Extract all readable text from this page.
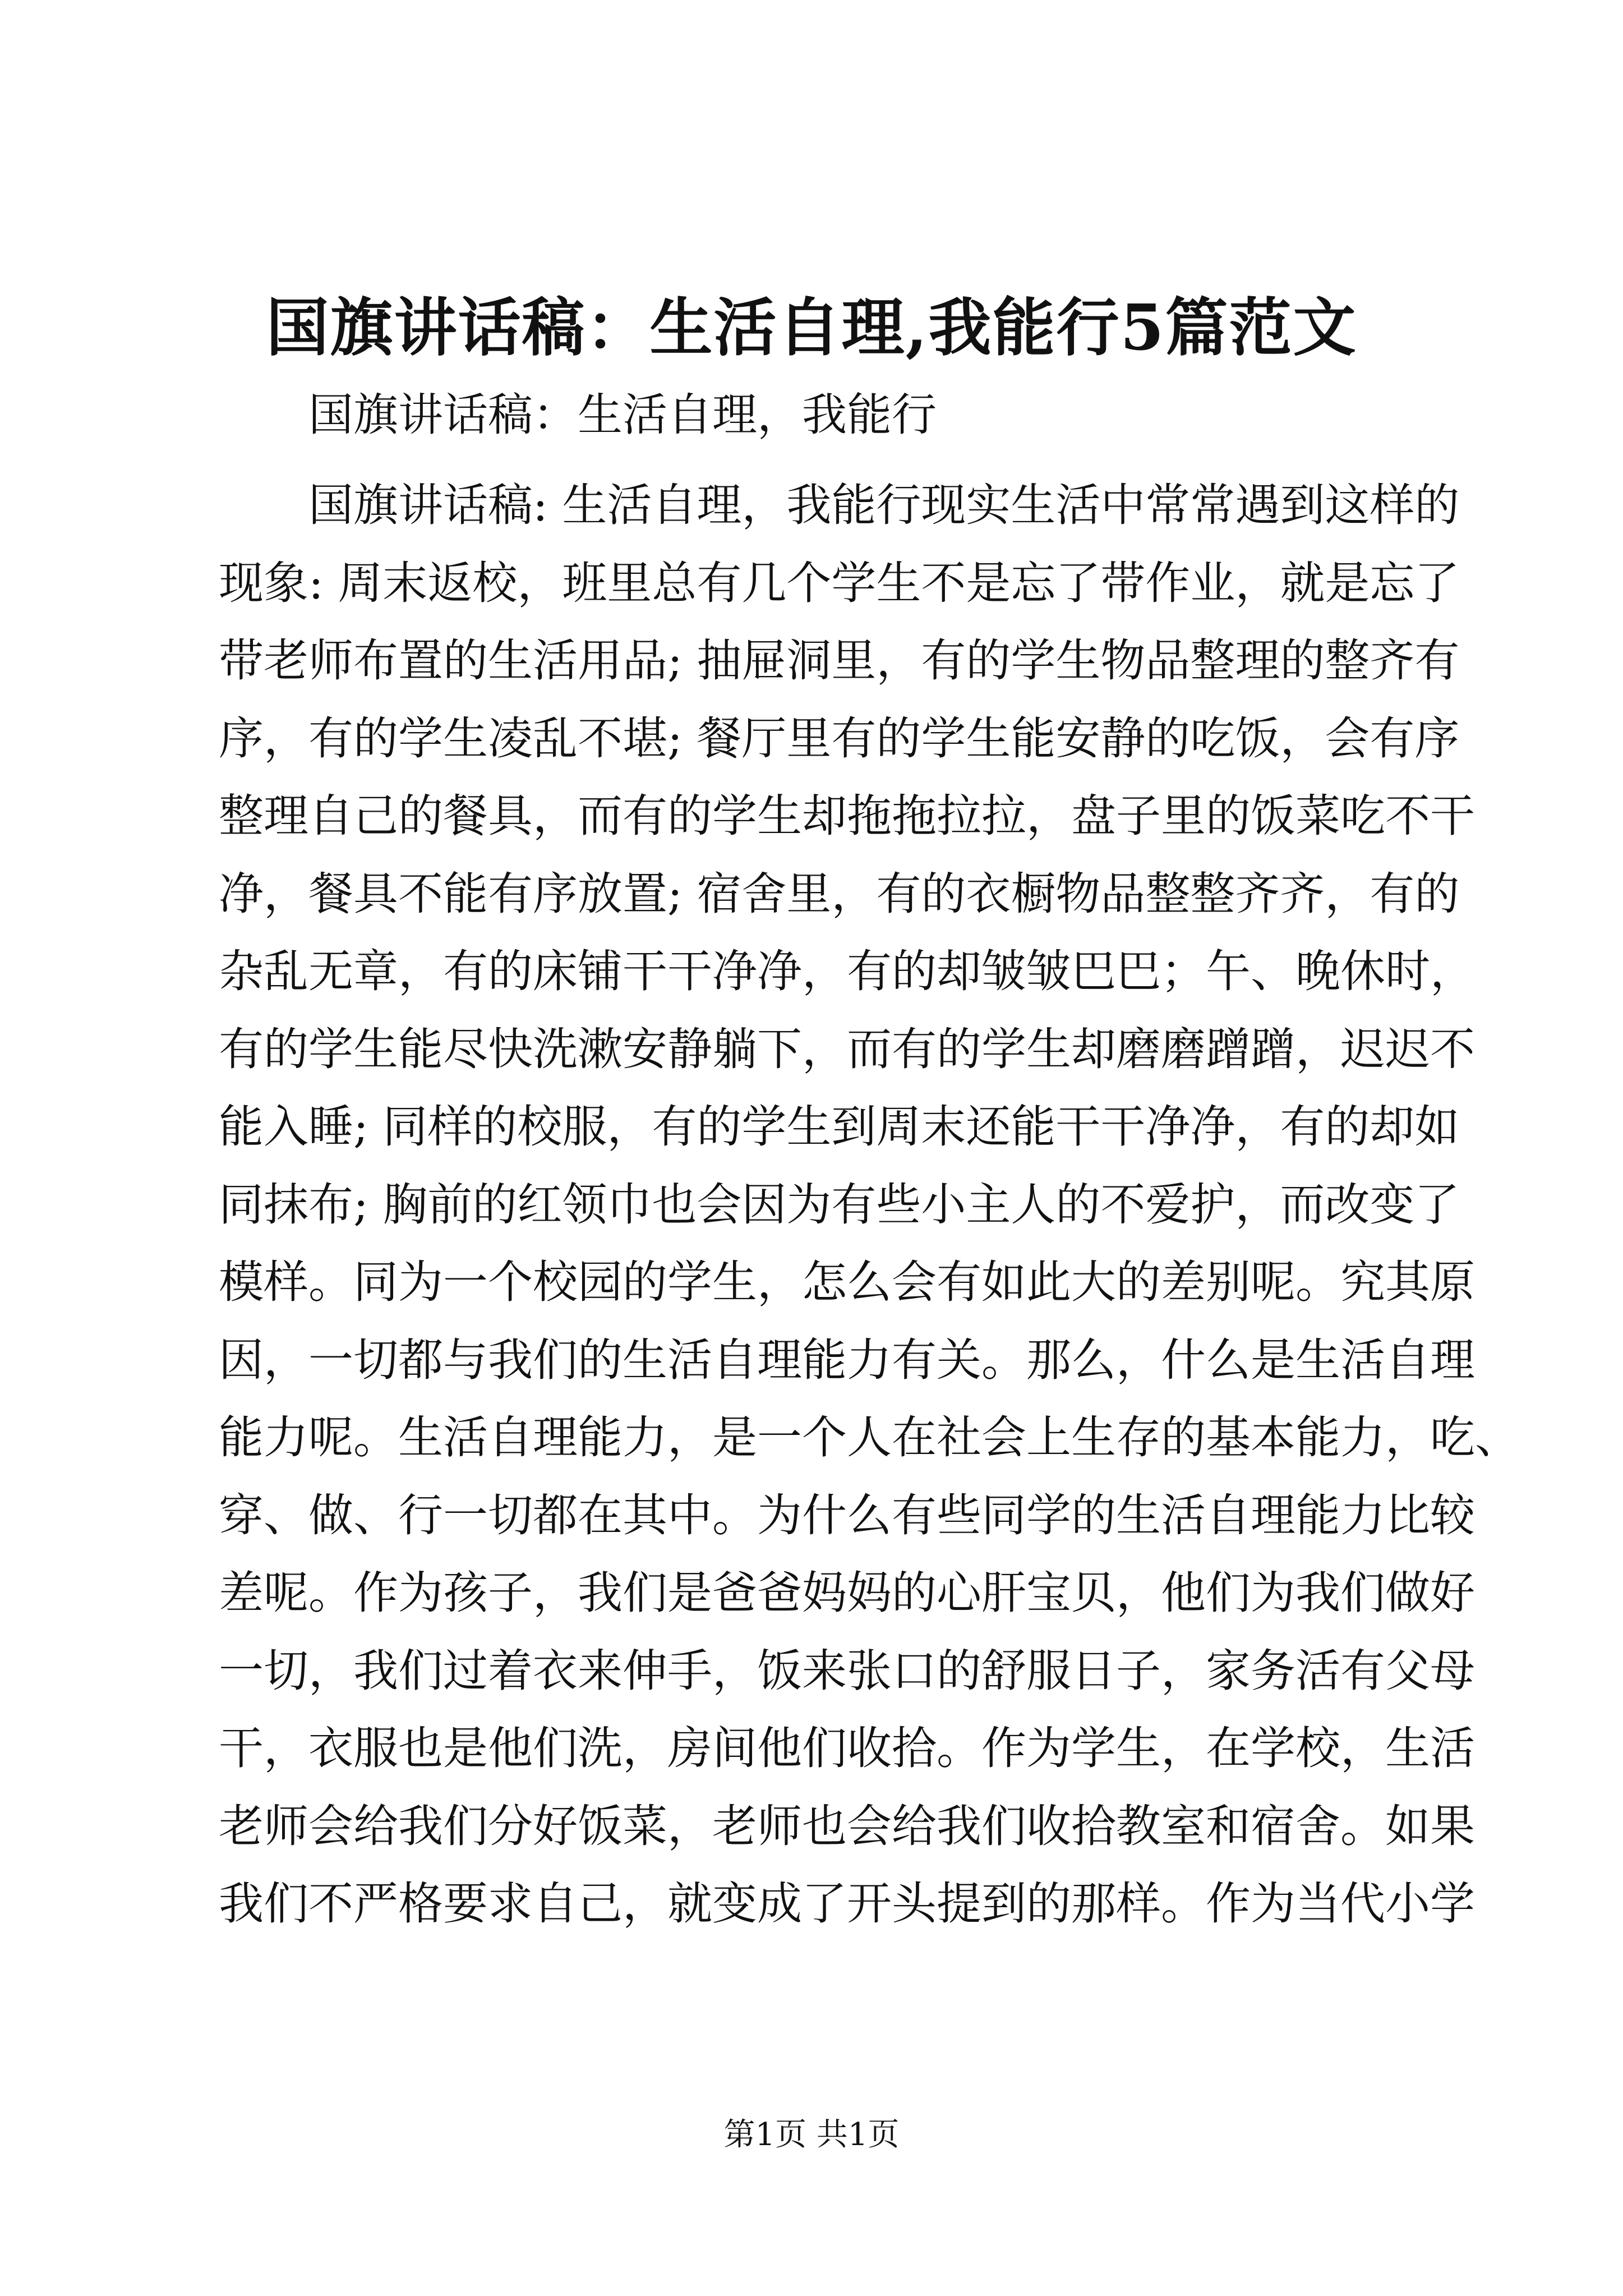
国旗讲话稿：生活自理,我能行5篇范文

国旗讲话稿：生活自理，我能行

国旗讲话稿: 生活自理，我能行现实生活中常常遇到这样的
现象: 周末返校，班里总有几个学生不是忘了带作业，就是忘了
带老师布置的生活用品; 抽屉洞里，有的学生物品整理的整齐有
序，有的学生凌乱不堪; 餐厅里有的学生能安静的吃饭，会有序
整理自己的餐具，而有的学生却拖拖拉拉，盘子里的饭菜吃不干
净，餐具不能有序放置; 宿舍里，有的衣橱物品整整齐齐，有的
杂乱无章，有的床铺干干净净，有的却皱皱巴巴；午、晚休时，
有的学生能尽快洗漱安静躺下，而有的学生却磨磨蹭蹭，迟迟不
能入睡; 同样的校服，有的学生到周末还能干干净净，有的却如
同抹布; 胸前的红领巾也会因为有些小主人的不爱护，而改变了
模样。同为一个校园的学生，怎么会有如此大的差别呢。究其原
因，一切都与我们的生活自理能力有关。那么，什么是生活自理
能力呢。生活自理能力，是一个人在社会上生存的基本能力，吃、
穿、做、行一切都在其中。为什么有些同学的生活自理能力比较
差呢。作为孩子，我们是爸爸妈妈的心肝宝贝，他们为我们做好
一切，我们过着衣来伸手，饭来张口的舒服日子，家务活有父母
干，衣服也是他们洗，房间他们收拾。作为学生，在学校，生活
老师会给我们分好饭菜，老师也会给我们收拾教室和宿舍。如果
我们不严格要求自己，就变成了开头提到的那样。作为当代小学

第1页 共1页
